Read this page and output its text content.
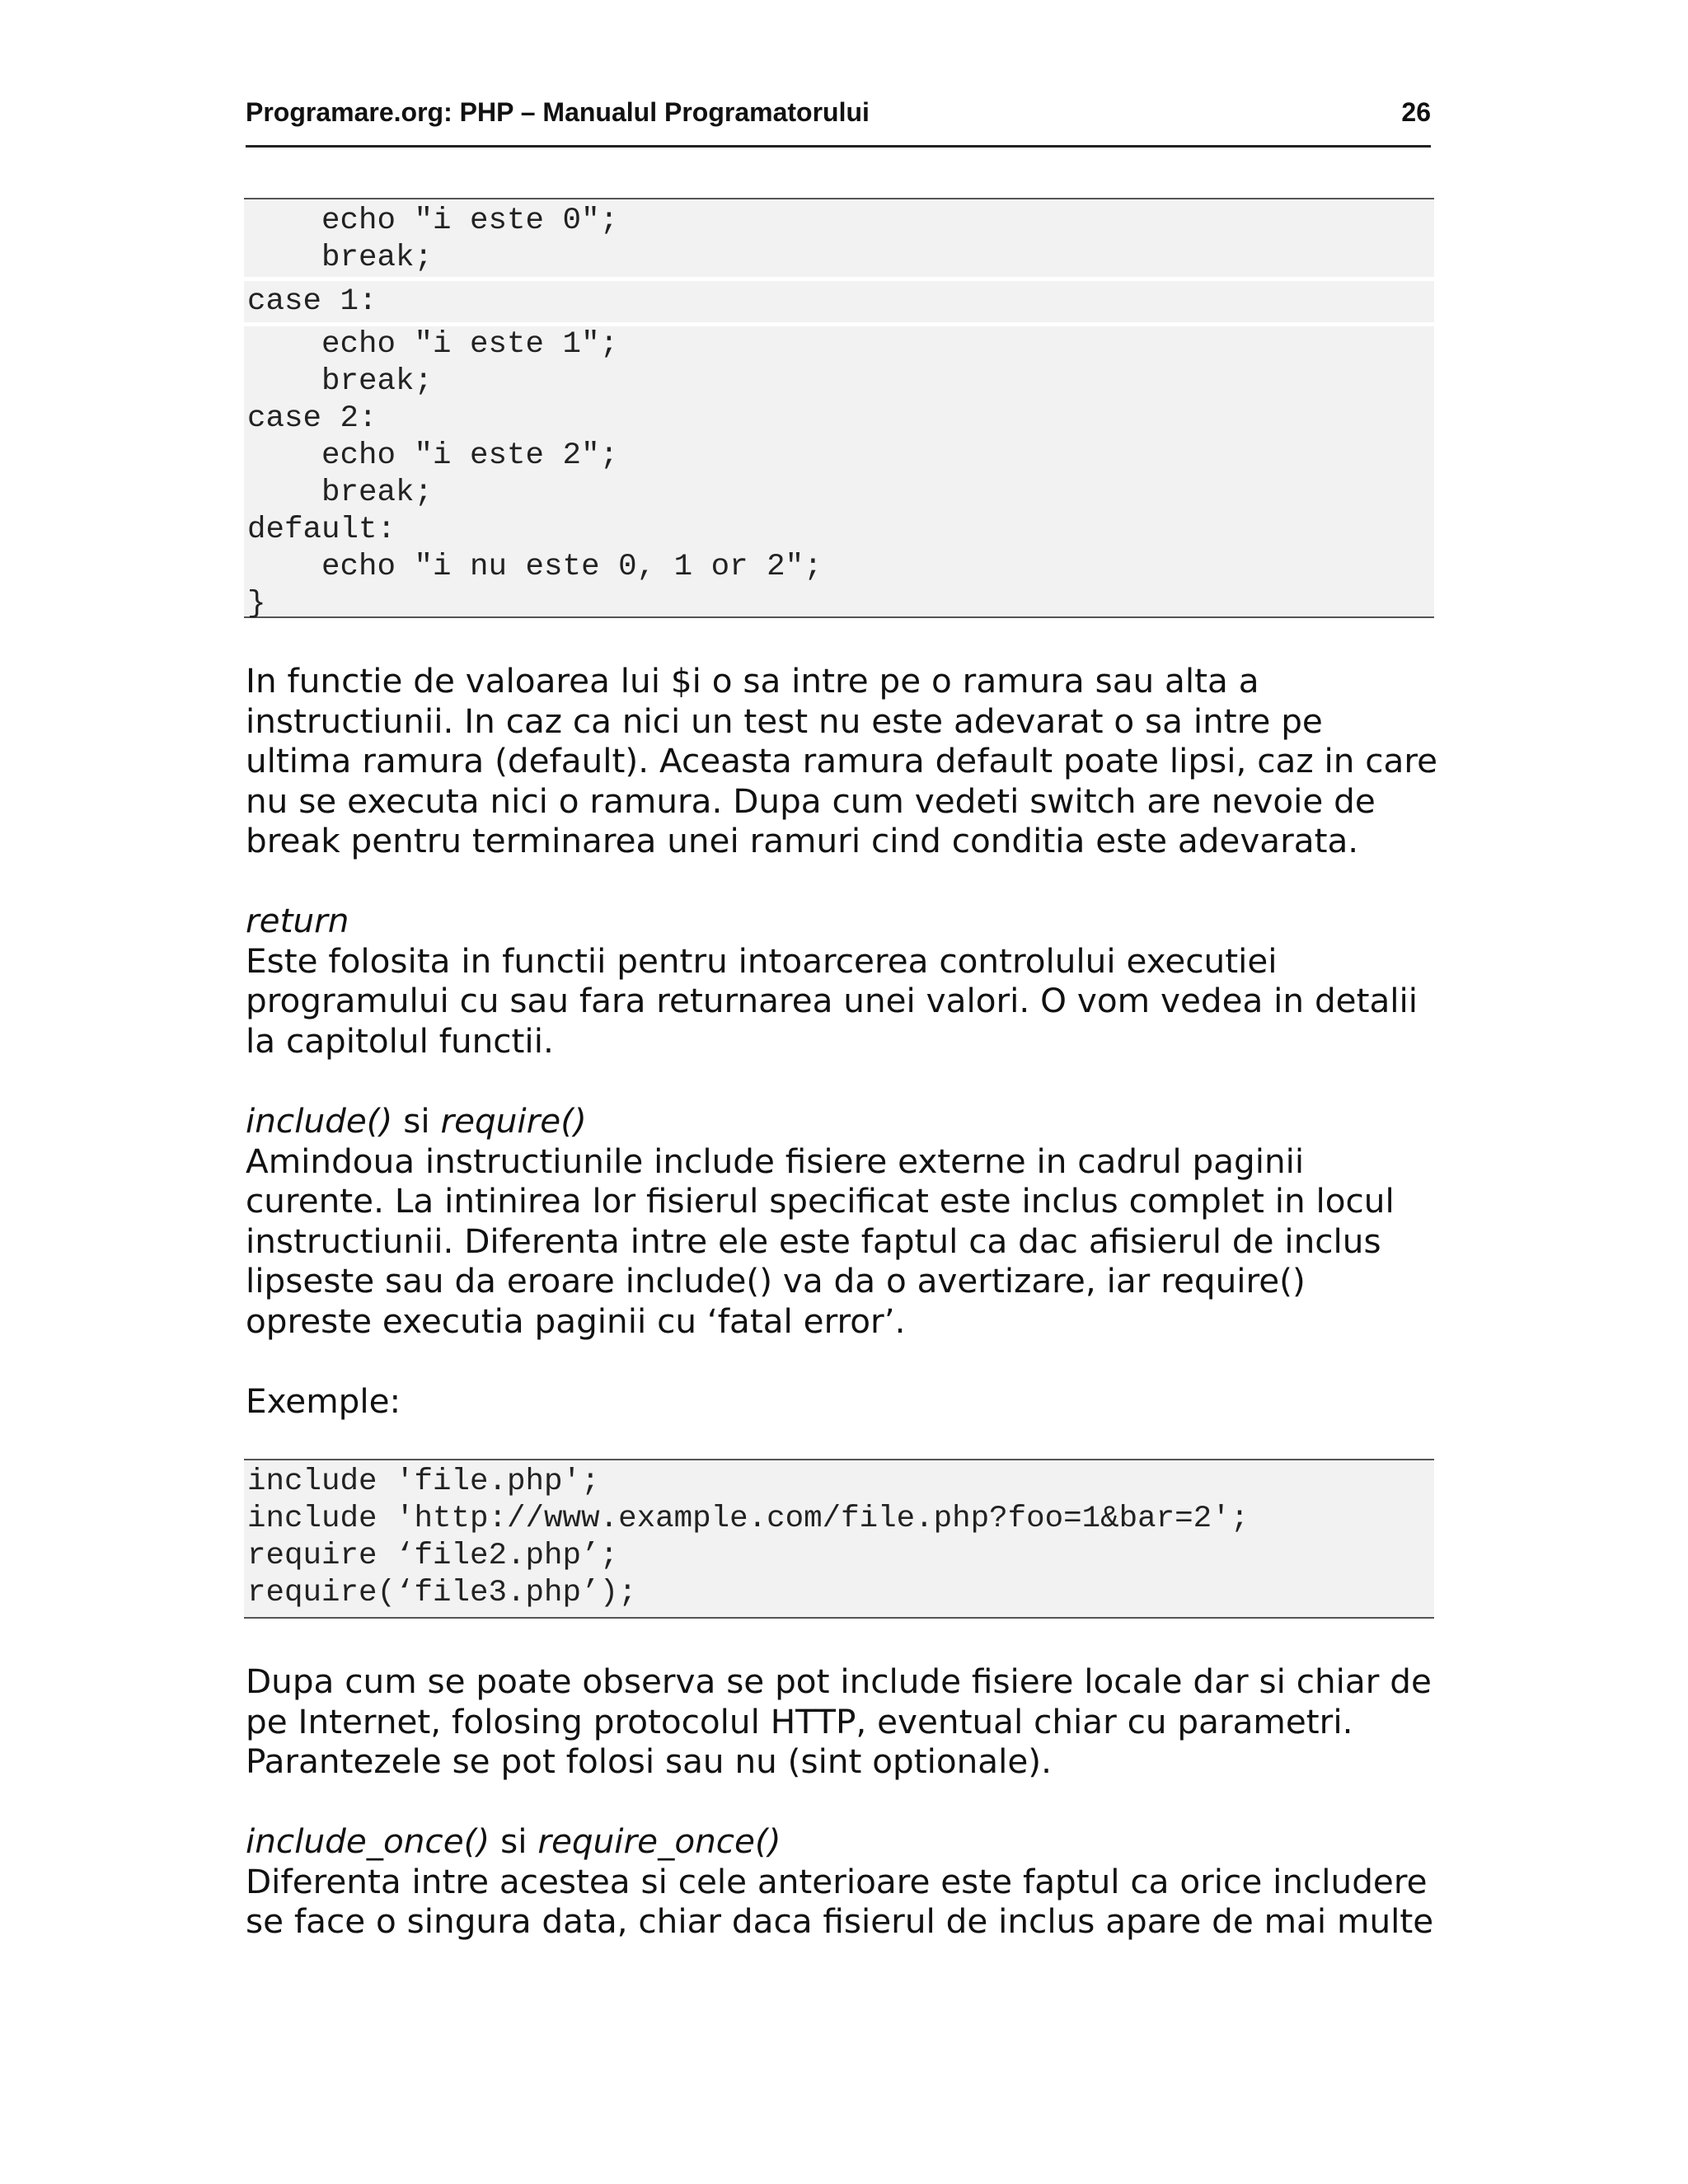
Programare.org: PHP – Manualul Programatorului	26
echo "i este 0";
break;
case 1:
echo "i este 1";
break;
case 2:
echo "i este 2";
break;
default:
echo "i nu este 0, 1 or 2";
}

In functie de valoarea lui $i o sa intre pe o ramura sau alta a

instructiunii. In caz ca nici un test nu este adevarat o sa intre pe

ultima ramura (default). Aceasta ramura default poate lipsi, caz in care

nu se executa nici o ramura. Dupa cum vedeti switch are nevoie de

break pentru terminarea unei ramuri cind conditia este adevarata.

return

Este folosita in functii pentru intoarcerea controlului executiei

programului cu sau fara returnarea unei valori. O vom vedea in detalii

la capitolul functii.

include() si require()

Amindoua instructiunile include fisiere externe in cadrul paginii

curente. La intinirea lor fisierul specificat este inclus complet in locul

instructiunii. Diferenta intre ele este faptul ca dac afisierul de inclus

lipseste sau da eroare include() va da o avertizare, iar require()

opreste executia paginii cu ‘fatal error’.

Exemple:

include 'file.php';
include 'http://www.example.com/file.php?foo=1&bar=2';
require ‘file2.php’;
require(‘file3.php’);

Dupa cum se poate observa se pot include fisiere locale dar si chiar de

pe Internet, folosing protocolul HTTP, eventual chiar cu parametri.

Parantezele se pot folosi sau nu (sint optionale).

include_once() si require_once()

Diferenta intre acestea si cele anterioare este faptul ca orice includere

se face o singura data, chiar daca fisierul de inclus apare de mai multe
